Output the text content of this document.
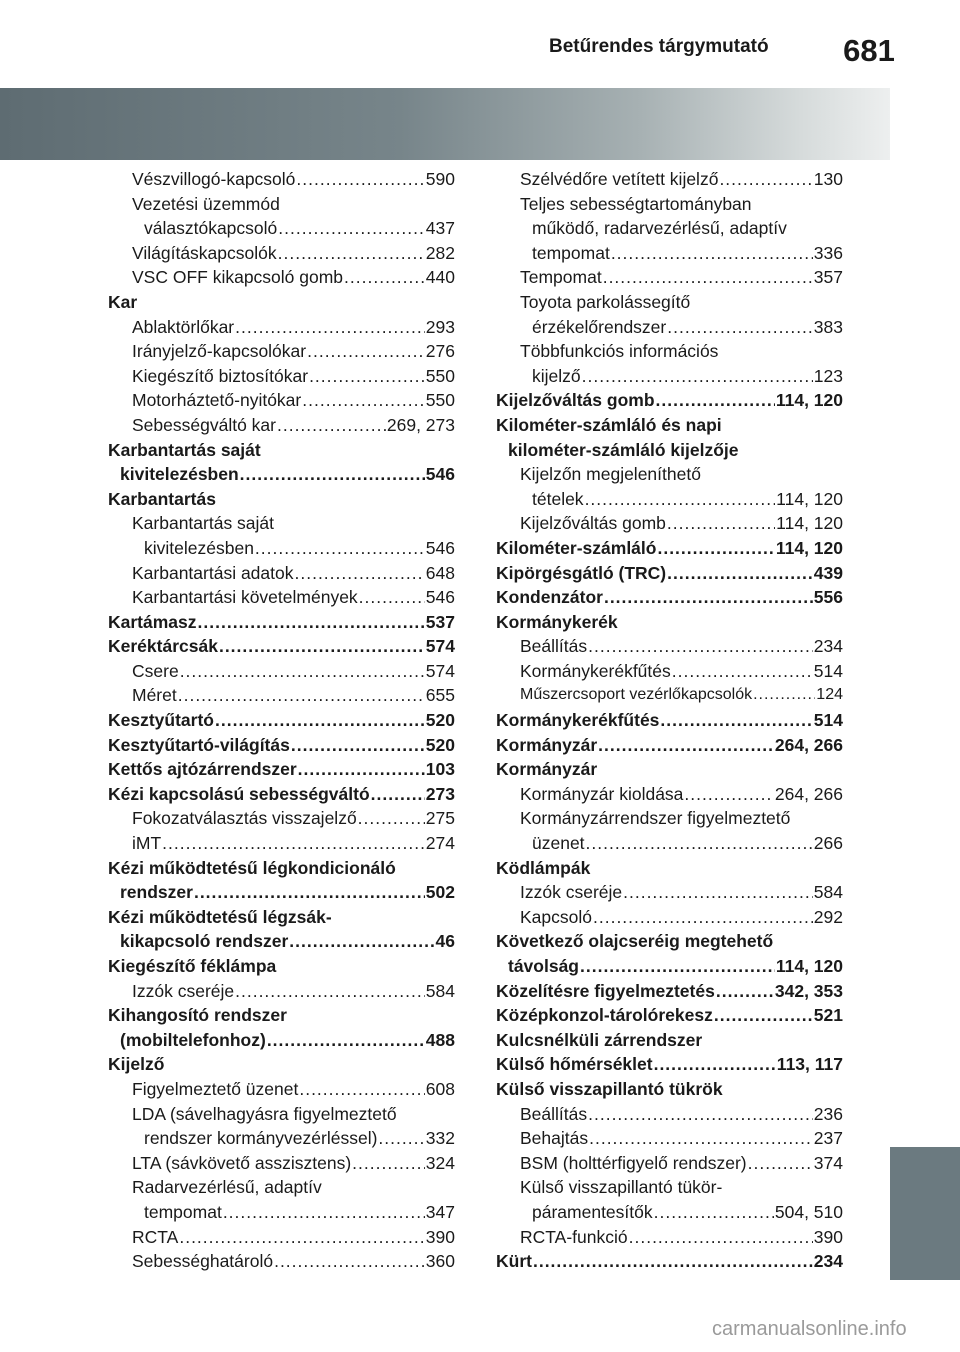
Betűrendes tárgymutató	681
Vészvillogó-kapcsoló .....	590
Vezetési üzemmód
választókapcsoló .....	437
Világításkapcsolók .....	282
VSC OFF kikapcsoló gomb .....	440
Kar
Ablaktörlőkar .....	293
Irányjelző-kapcsolókar .....	276
Kiegészítő biztosítókar .....	550
Motorháztető-nyitókar .....	550
Sebességváltó kar .....	269, 273
Karbantartás saját
kivitelezésben .....	546
Karbantartás
Karbantartás saját
kivitelezésben .....	546
Karbantartási adatok .....	648
Karbantartási követelmények .....	546
Kartámasz .....	537
Keréktárcsák .....	574
Csere .....	574
Méret .....	655
Kesztyűtartó .....	520
Kesztyűtartó-világítás .....	520
Kettős ajtózárrendszer .....	103
Kézi kapcsolású sebességváltó .....	273
Fokozatválasztás visszajelző .....	275
iMT .....	274
Kézi működtetésű légkondicionáló
rendszer .....	502
Kézi működtetésű légzsák-
kikapcsoló rendszer .....	46
Kiegészítő féklámpa
Izzók cseréje .....	584
Kihangosító rendszer
(mobiltelefonhoz) .....	488
Kijelző
Figyelmeztető üzenet .....	608
LDA (sávelhagyásra figyelmeztető
rendszer kormányvezérléssel) .....	332
LTA (sávkövető asszisztens) .....	324
Radarvezérlésű, adaptív
tempomat .....	347
RCTA .....	390
Sebességhatároló .....	360
Szélvédőre vetített kijelző .....	130
Teljes sebességtartományban
működő, radarvezérlésű, adaptív
tempomat .....	336
Tempomat .....	357
Toyota parkolássegítő
érzékelőrendszer .....	383
Többfunkciós információs
kijelző .....	123
Kijelzőváltás gomb .....	114, 120
Kilométer-számláló és napi
kilométer-számláló kijelzője
Kijelzőn megjeleníthető
tételek .....	114, 120
Kijelzőváltás gomb .....	114, 120
Kilométer-számláló .....	114, 120
Kipörgésgátló (TRC) .....	439
Kondenzátor .....	556
Kormánykerék
Beállítás .....	234
Kormánykerékfűtés .....	514
Műszercsoport vezérlőkapcsolók .....	124
Kormánykerékfűtés .....	514
Kormányzár .....	264, 266
Kormányzár
Kormányzár kioldása .....	264, 266
Kormányzárrendszer figyelmeztető
üzenet .....	266
Ködlámpák
Izzók cseréje .....	584
Kapcsoló .....	292
Következő olajcseréig megtehető
távolság .....	114, 120
Közelítésre figyelmeztetés .....	342, 353
Középkonzol-tárolórekesz .....	521
Kulcsnélküli zárrendszer
Külső hőmérséklet .....	113, 117
Külső visszapillantó tükrök
Beállítás .....	236
Behajtás .....	237
BSM (holttérfigyelő rendszer) .....	374
Külső visszapillantó tükör-
páramentesítők .....	504, 510
RCTA-funkció .....	390
Kürt .....	234
carmanualsonline.info
